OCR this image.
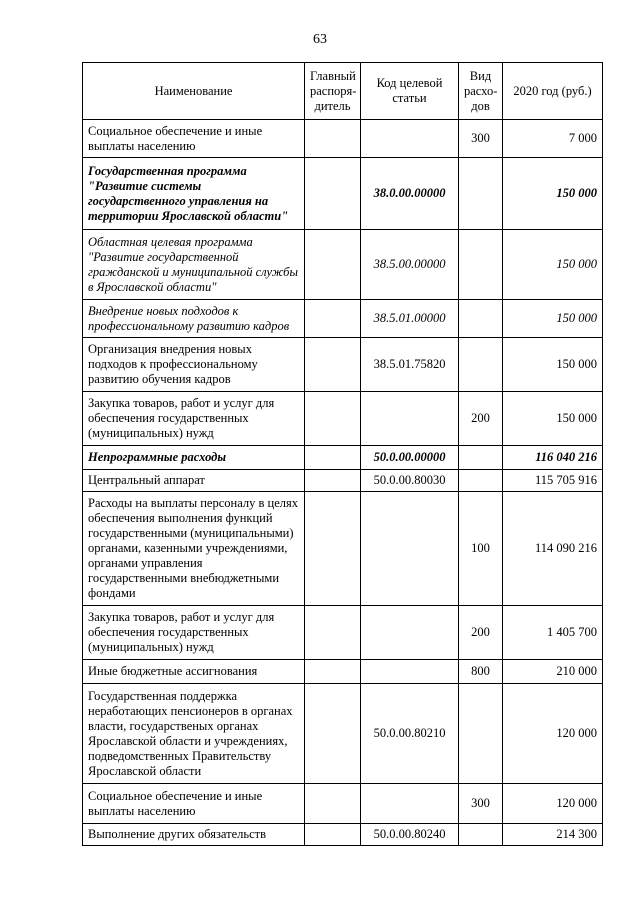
63
Наименование	Главный распоря-дитель	Код целевой статьи	Вид расхо-дов	2020 год (руб.)
Социальное обеспечение и иные выплаты населению			300	7 000
Государственная программа "Развитие системы государственного управления на территории Ярославской области"		38.0.00.00000		150 000
Областная целевая программа "Развитие государственной гражданской и муниципальной службы в Ярославской области"		38.5.00.00000		150 000
Внедрение новых подходов к профессиональному развитию кадров		38.5.01.00000		150 000
Организация внедрения новых подходов к профессиональному развитию обучения кадров		38.5.01.75820		150 000
Закупка товаров, работ и услуг для обеспечения государственных (муниципальных) нужд			200	150 000
Непрограммные расходы		50.0.00.00000		116 040 216
Центральный аппарат		50.0.00.80030		115 705 916
Расходы на выплаты персоналу в целях обеспечения выполнения функций государственными (муниципальными) органами, казенными учреждениями, органами управления государственными внебюджетными фондами			100	114 090 216
Закупка товаров, работ и услуг для обеспечения государственных (муниципальных) нужд			200	1 405 700
Иные бюджетные ассигнования			800	210 000
Государственная поддержка неработающих пенсионеров в органах власти, государственых органах Ярославской области и учреждениях, подведомственных Правительству Ярославской области		50.0.00.80210		120 000
Социальное обеспечение и иные выплаты населению			300	120 000
Выполнение других обязательств		50.0.00.80240		214 300
